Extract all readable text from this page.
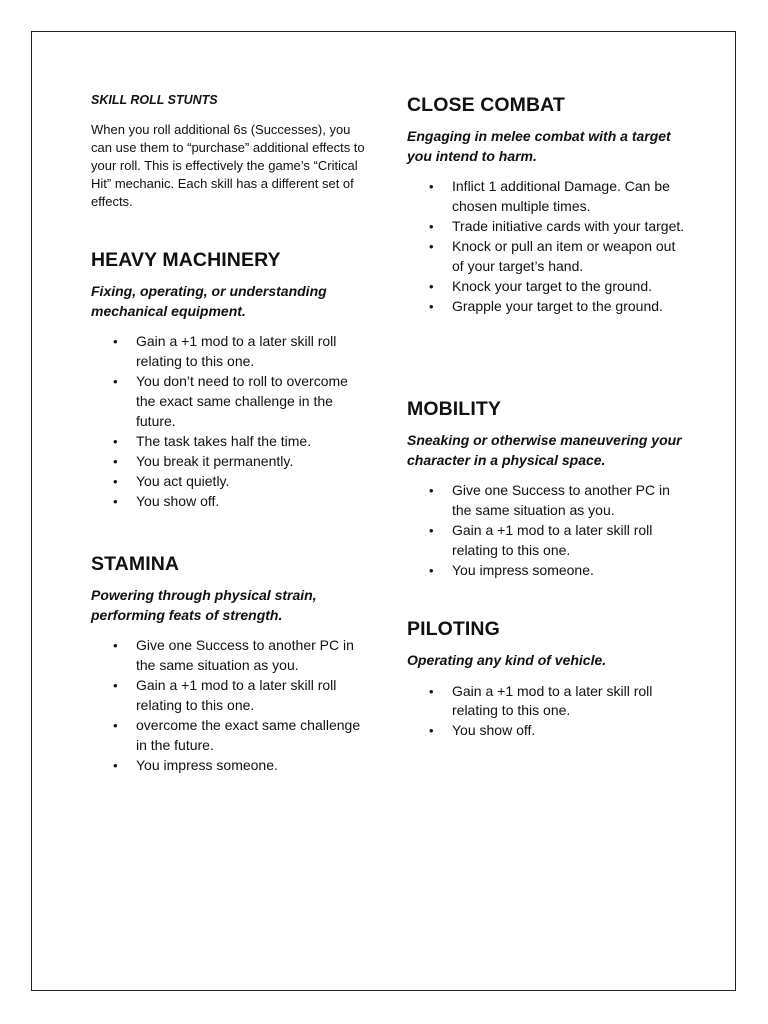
SKILL ROLL STUNTS

When you roll additional 6s (Successes), you can use them to “purchase” additional effects to your roll. This is effectively the game’s “Critical Hit” mechanic. Each skill has a different set of effects.

HEAVY MACHINERY

Fixing, operating, or understanding mechanical equipment.

• Gain a +1 mod to a later skill roll relating to this one.
• You don’t need to roll to overcome the exact same challenge in the future.
• The task takes half the time.
• You break it permanently.
• You act quietly.
• You show off.
STAMINA

Powering through physical strain, performing feats of strength.

• Give one Success to another PC in the same situation as you.
• Gain a +1 mod to a later skill roll relating to this one.
• overcome the exact same challenge in the future.
• You impress someone.
CLOSE COMBAT

Engaging in melee combat with a target you intend to harm.

• Inflict 1 additional Damage. Can be chosen multiple times.
• Trade initiative cards with your target.
• Knock or pull an item or weapon out of your target’s hand.
• Knock your target to the ground.
• Grapple your target to the ground.
MOBILITY

Sneaking or otherwise maneuvering your character in a physical space.

• Give one Success to another PC in the same situation as you.
• Gain a +1 mod to a later skill roll relating to this one.
• You impress someone.
PILOTING

Operating any kind of vehicle.

• Gain a +1 mod to a later skill roll relating to this one.
• You show off.
